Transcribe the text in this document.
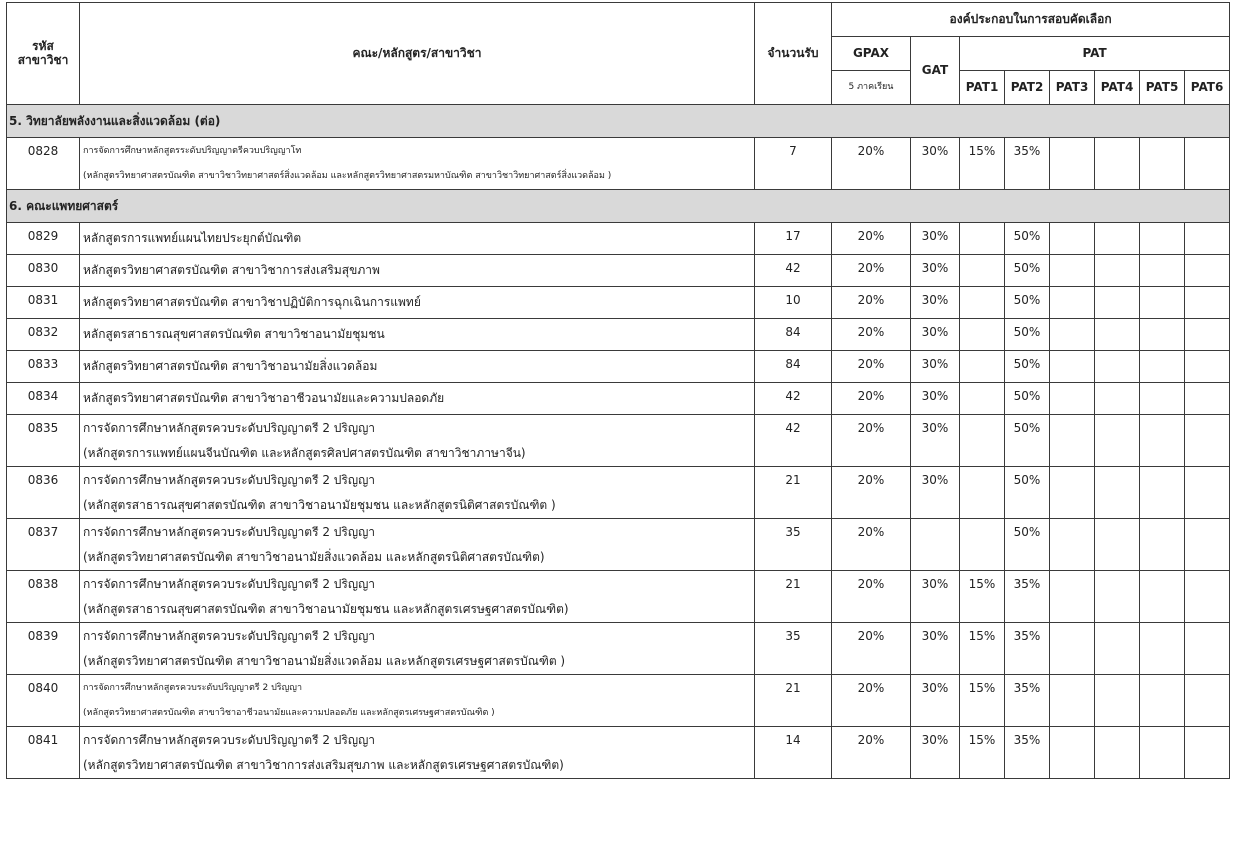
รหัส
สาขาวิชา	คณะ/หลักสูตร/สาขาวิชา	จำนวนรับ	องค์ประกอบในการสอบคัดเลือก							
			GPAX	GAT	PAT					
			5 ภาคเรียน		PAT1	PAT2	PAT3	PAT4	PAT5	PAT6
5. วิทยาลัยพลังงานและสิ่งแวดล้อม (ต่อ)										
0828	การจัดการศึกษาหลักสูตรระดับปริญญาตรีควบปริญญาโท
(หลักสูตรวิทยาศาสตรบัณฑิต สาขาวิชาวิทยาศาสตร์สิ่งแวดล้อม และหลักสูตรวิทยาศาสตรมหาบัณฑิต สาขาวิชาวิทยาศาสตร์สิ่งแวดล้อม )	7	20%	30%	15%	35%				
6. คณะแพทยศาสตร์										
0829	หลักสูตรการแพทย์แผนไทยประยุกต์บัณฑิต	17	20%	30%		50%				
0830	หลักสูตรวิทยาศาสตรบัณฑิต สาขาวิชาการส่งเสริมสุขภาพ	42	20%	30%		50%				
0831	หลักสูตรวิทยาศาสตรบัณฑิต สาขาวิชาปฏิบัติการฉุกเฉินการแพทย์	10	20%	30%		50%				
0832	หลักสูตรสาธารณสุขศาสตรบัณฑิต สาขาวิชาอนามัยชุมชน	84	20%	30%		50%				
0833	หลักสูตรวิทยาศาสตรบัณฑิต สาขาวิชาอนามัยสิ่งแวดล้อม	84	20%	30%		50%				
0834	หลักสูตรวิทยาศาสตรบัณฑิต สาขาวิชาอาชีวอนามัยและความปลอดภัย	42	20%	30%		50%				
0835	การจัดการศึกษาหลักสูตรควบระดับปริญญาตรี 2 ปริญญา
(หลักสูตรการแพทย์แผนจีนบัณฑิต และหลักสูตรศิลปศาสตรบัณฑิต สาขาวิชาภาษาจีน)	42	20%	30%		50%				
0836	การจัดการศึกษาหลักสูตรควบระดับปริญญาตรี 2 ปริญญา
(หลักสูตรสาธารณสุขศาสตรบัณฑิต สาขาวิชาอนามัยชุมชน และหลักสูตรนิติศาสตรบัณฑิต )	21	20%	30%		50%				
0837	การจัดการศึกษาหลักสูตรควบระดับปริญญาตรี 2 ปริญญา
(หลักสูตรวิทยาศาสตรบัณฑิต สาขาวิชาอนามัยสิ่งแวดล้อม และหลักสูตรนิติศาสตรบัณฑิต)	35	20%			50%				
0838	การจัดการศึกษาหลักสูตรควบระดับปริญญาตรี 2 ปริญญา
(หลักสูตรสาธารณสุขศาสตรบัณฑิต สาขาวิชาอนามัยชุมชน และหลักสูตรเศรษฐศาสตรบัณฑิต)	21	20%	30%	15%	35%				
0839	การจัดการศึกษาหลักสูตรควบระดับปริญญาตรี 2 ปริญญา
(หลักสูตรวิทยาศาสตรบัณฑิต สาขาวิชาอนามัยสิ่งแวดล้อม และหลักสูตรเศรษฐศาสตรบัณฑิต )	35	20%	30%	15%	35%				
0840	การจัดการศึกษาหลักสูตรควบระดับปริญญาตรี 2 ปริญญา
(หลักสูตรวิทยาศาสตรบัณฑิต สาขาวิชาอาชีวอนามัยและความปลอดภัย และหลักสูตรเศรษฐศาสตรบัณฑิต )	21	20%	30%	15%	35%				
0841	การจัดการศึกษาหลักสูตรควบระดับปริญญาตรี 2 ปริญญา
(หลักสูตรวิทยาศาสตรบัณฑิต สาขาวิชาการส่งเสริมสุขภาพ และหลักสูตรเศรษฐศาสตรบัณฑิต)	14	20%	30%	15%	35%				
